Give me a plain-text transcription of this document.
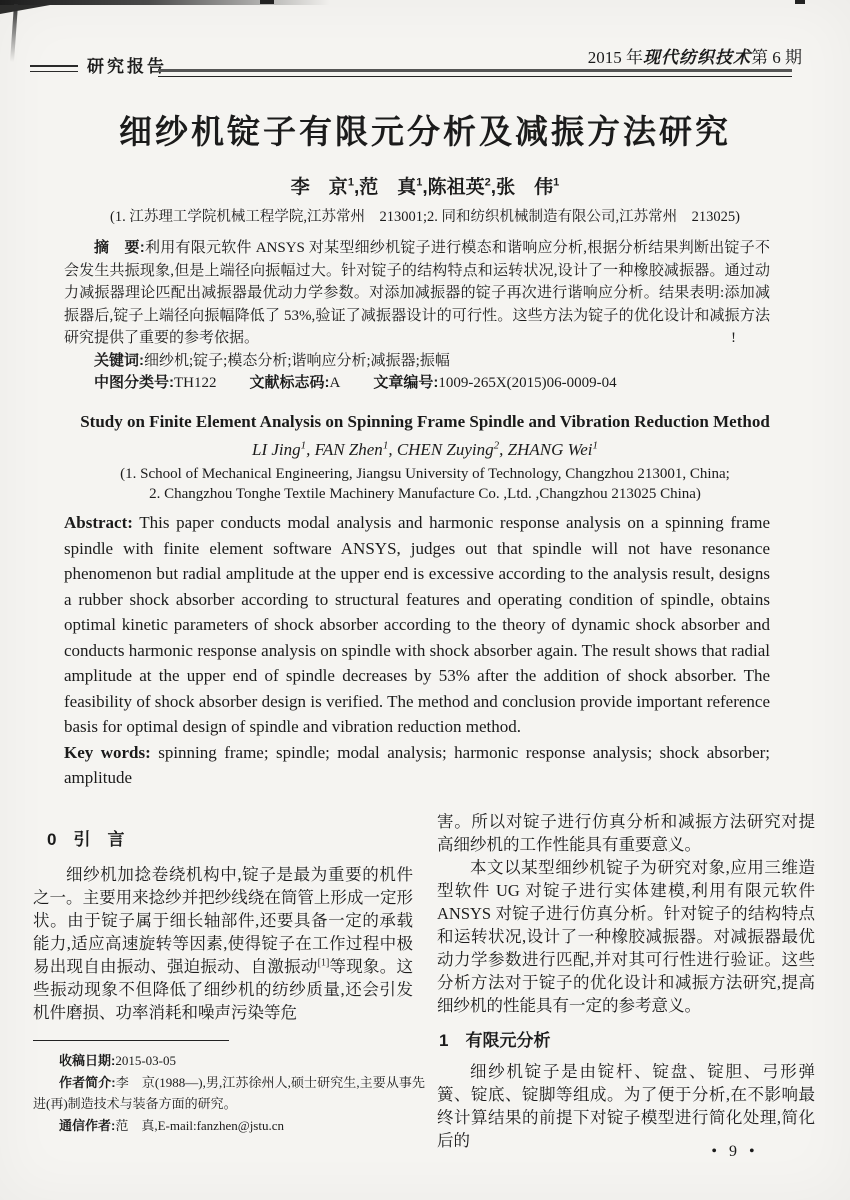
!
研究报告	2015 年现代纺织技术第 6 期
细纱机锭子有限元分析及减振方法研究
李　京$^1$,范　真$^1$,陈祖英$^2$,张　伟$^1$
(1. 江苏理工学院机械工程学院,江苏常州　213001;2. 同和纺织机械制造有限公司,江苏常州　213025)

摘　要:利用有限元软件 ANSYS 对某型细纱机锭子进行模态和谐响应分析,根据分析结果判断出锭子不会发生共振现象,但是上端径向振幅过大。针对锭子的结构特点和运转状况,设计了一种橡胶减振器。通过动力减振器理论匹配出减振器最优动力学参数。对添加减振器的锭子再次进行谐响应分析。结果表明:添加减振器后,锭子上端径向振幅降低了 53%,验证了减振器设计的可行性。这些方法为锭子的优化设计和减振方法研究提供了重要的参考依据。

关键词:细纱机;锭子;模态分析;谐响应分析;减振器;振幅

中图分类号:TH122 文献标志码:A 文章编号:1009-265X(2015)06-0009-04

Study on Finite Element Analysis on Spinning Frame Spindle and Vibration Reduction Method
LI Jing$^1$, FAN Zhen$^1$, CHEN Zuying$^2$, ZHANG Wei$^1$

(1. School of Mechanical Engineering, Jiangsu University of Technology, Changzhou 213001, China;

2. Changzhou Tonghe Textile Machinery Manufacture Co. ,Ltd. ,Changzhou 213025 China)

Abstract: This paper conducts modal analysis and harmonic response analysis on a spinning frame spindle with finite element software ANSYS, judges out that spindle will not have resonance phenomenon but radial amplitude at the upper end is excessive according to the analysis result, designs a rubber shock absorber according to structural features and operating condition of spindle, obtains optimal kinetic parameters of shock absorber according to the theory of dynamic shock absorber and conducts harmonic response analysis on spindle with shock absorber again. The result shows that radial amplitude at the upper end of spindle decreases by 53% after the addition of shock absorber. The feasibility of shock absorber design is verified. The method and conclusion provide important reference basis for optimal design of spindle and vibration reduction method.

Key words: spinning frame; spindle; modal analysis; harmonic response analysis; shock absorber; amplitude

0　引　言

细纱机加捻卷绕机构中,锭子是最为重要的机件之一。主要用来捻纱并把纱线绕在筒管上形成一定形状。由于锭子属于细长轴部件,还要具备一定的承载能力,适应高速旋转等因素,使得锭子在工作过程中极易出现自由振动、强迫振动、自激振动[1]等现象。这些振动现象不但降低了细纱机的纺纱质量,还会引发机件磨损、功率消耗和噪声污染等危

害。所以对锭子进行仿真分析和减振方法研究对提高细纱机的工作性能具有重要意义。

本文以某型细纱机锭子为研究对象,应用三维造型软件 UG 对锭子进行实体建模,利用有限元软件 ANSYS 对锭子进行仿真分析。针对锭子的结构特点和运转状况,设计了一种橡胶减振器。对减振器最优动力学参数进行匹配,并对其可行性进行验证。这些分析方法对于锭子的优化设计和减振方法研究,提高细纱机的性能具有一定的参考意义。

1　有限元分析

细纱机锭子是由锭杆、锭盘、锭胆、弓形弹簧、锭底、锭脚等组成。为了便于分析,在不影响最终计算结果的前提下对锭子模型进行简化处理,简化后的

收稿日期:2015-03-05

作者简介:李　京(1988—),男,江苏徐州人,硕士研究生,主要从事先进(再)制造技术与装备方面的研究。

通信作者:范　真,E-mail:fanzhen@jstu.cn

• 9 •
